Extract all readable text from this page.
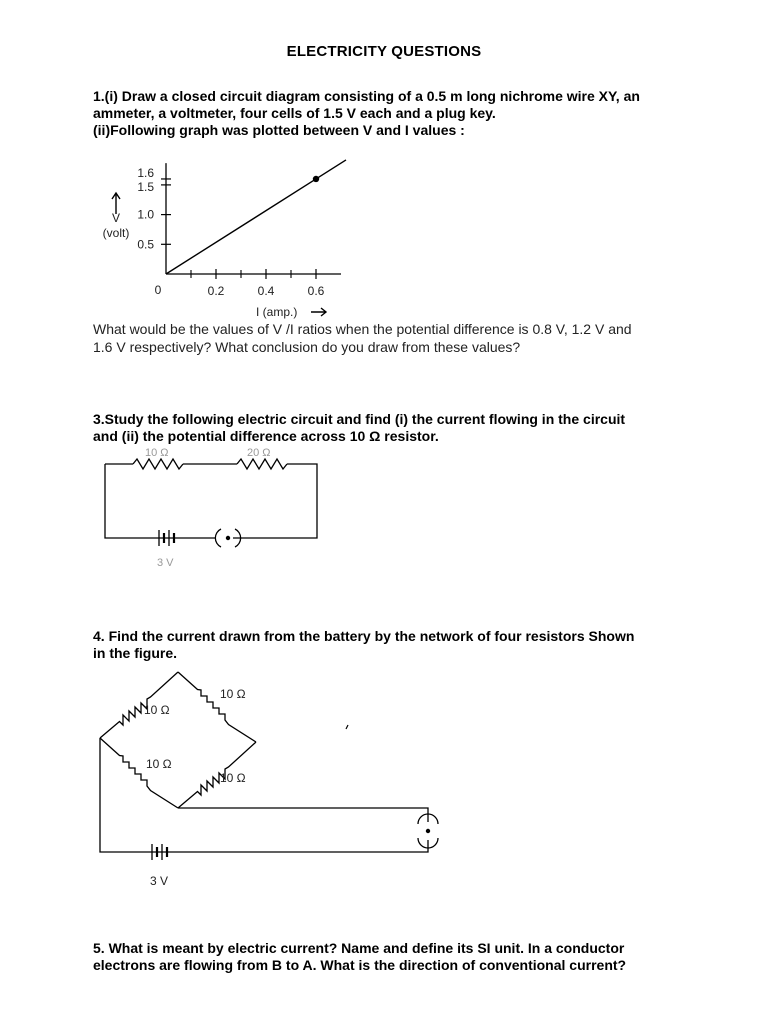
ELECTRICITY QUESTIONS
1.(i) Draw a closed circuit diagram consisting of a 0.5 m long nichrome wire XY, an
ammeter, a voltmeter, four cells of 1.5 V each and a plug key.
(ii)Following graph was plotted between V and I values :
0.2	0.4	0.6
0.5
1.0
1.5
1.6
0
I (amp.)
V
(volt)
What would be the values of V /I ratios when the potential difference is 0.8 V, 1.2 V and
1.6 V respectively? What conclusion do you draw from these values?
3.Study the following electric circuit and find (i) the current flowing in the circuit
and (ii) the potential difference across 10 Ω resistor.
10 Ω	20 Ω
3 V
4. Find the current drawn from the battery by the network of four resistors Shown
in the figure.
10 Ω
10 Ω
10 Ω
10 Ω
3 V
5. What is meant by electric current? Name and define its SI unit. In a conductor
electrons are flowing from B to A. What is the direction of conventional current?
